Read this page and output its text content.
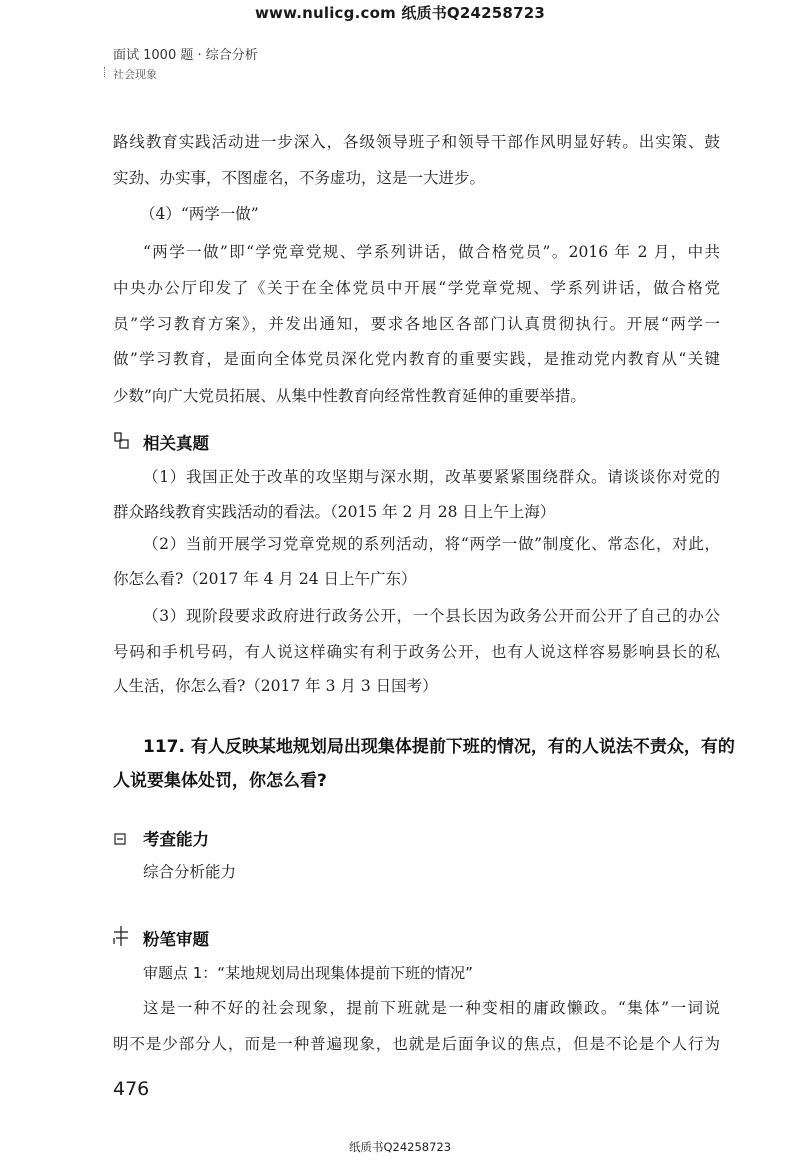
www.nulicg.com 纸质书Q24258723
面试 1000 题 · 综合分析
社会现象
路线教育实践活动进一步深入，各级领导班子和领导干部作风明显好转。出实策、鼓
实劲、办实事，不图虚名，不务虚功，这是一大进步。
（4）“两学一做”
“两学一做”即“学党章党规、学系列讲话，做合格党员”。2016 年 2 月，中共
中央办公厅印发了《关于在全体党员中开展“学党章党规、学系列讲话，做合格党
员”学习教育方案》，并发出通知，要求各地区各部门认真贯彻执行。开展“两学一
做”学习教育，是面向全体党员深化党内教育的重要实践，是推动党内教育从“关键
少数”向广大党员拓展、从集中性教育向经常性教育延伸的重要举措。
相关真题
（1）我国正处于改革的攻坚期与深水期，改革要紧紧围绕群众。请谈谈你对党的
群众路线教育实践活动的看法。（2015 年 2 月 28 日上午上海）
（2）当前开展学习党章党规的系列活动，将“两学一做”制度化、常态化，对此，
你怎么看?（2017 年 4 月 24 日上午广东）
（3）现阶段要求政府进行政务公开，一个县长因为政务公开而公开了自己的办公
号码和手机号码，有人说这样确实有利于政务公开，也有人说这样容易影响县长的私
人生活，你怎么看?（2017 年 3 月 3 日国考）
117. 有人反映某地规划局出现集体提前下班的情况，有的人说法不责众，有的
人说要集体处罚，你怎么看?
考查能力
综合分析能力
粉笔审题
审题点 1：“某地规划局出现集体提前下班的情况”
这是一种不好的社会现象，提前下班就是一种变相的庸政懒政。“集体”一词说
明不是少部分人，而是一种普遍现象，也就是后面争议的焦点，但是不论是个人行为
476
纸质书Q24258723
